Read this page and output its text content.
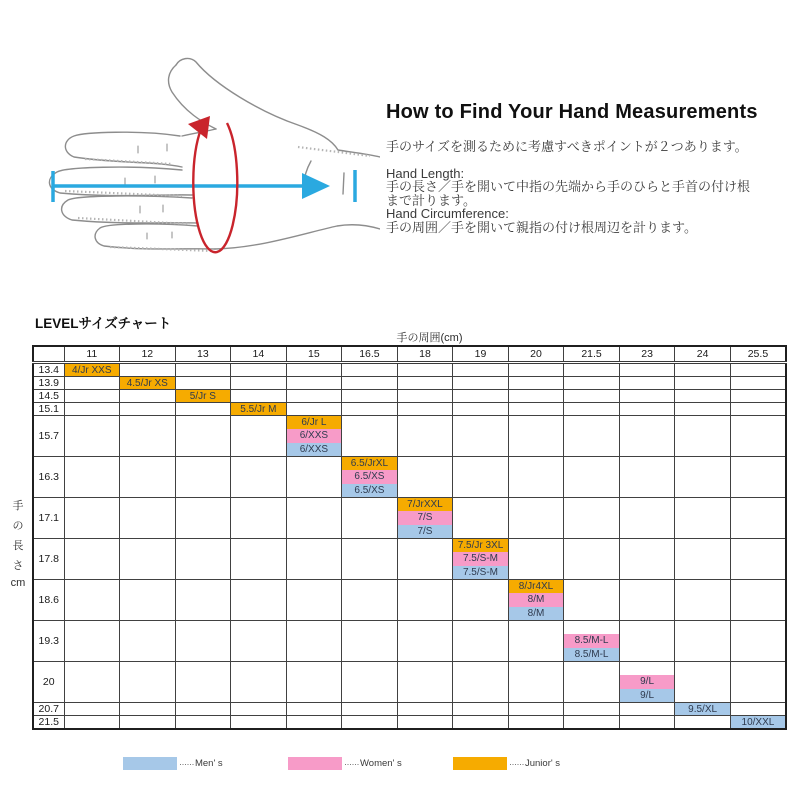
How to Find Your Hand Measurements

手のサイズを測るために考慮すべきポイントが２つあります。

Hand Length:

手の長さ／手を開いて中指の先端から手のひらと手首の付け根

まで計ります。

Hand Circumference:

手の周囲／手を開いて親指の付け根周辺を計ります。

LEVELサイズチャート
手の周囲(cm)
手
の
長
さ
cm
	11	12	13	14	15	16.5	18	19	20	21.5	23	24	25.5
13.4	4/Jr XXS												

13.9		4.5/Jr XS											

14.5			5/Jr S										

15.1				5.5/Jr M									

15.7					6/Jr L
6/XXS
6/XXS								

16.3						6.5/JrXL
6.5/XS
6.5/XS							

17.1							7/JrXXL
7/S
7/S						

17.8								7.5/Jr 3XL
7.5/S-M
7.5/S-M					

18.6									8/Jr4XL
8/M
8/M				

19.3										8.5/M-L
8.5/M-L			

20											9/L
9/L		

20.7												9.5/XL	

21.5													10/XXL
······ Men' s	······ Women' s	······ Junior' s
